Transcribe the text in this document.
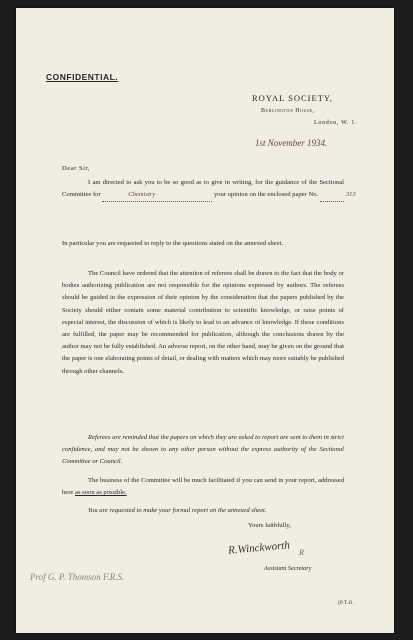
CONFIDENTIAL.
ROYAL SOCIETY,
Burlington House,
London, W. 1.
1st November 1934.
Dear Sir,
I am directed to ask you to be so good as to give in writing, for the guidance of the Sectional Committee for	Chemistry	your opinion on the enclosed paper No.	313
In particular you are requested to reply to the questions stated on the annexed sheet.
The Council have ordered that the attention of referees shall be drawn to the fact that the body or bodies authorizing publication are not responsible for the opinions expressed by authors. The referees should be guided in the expression of their opinion by the consideration that the papers published by the Society should either contain some material contribution to scientific knowledge, or raise points of especial interest, the discussion of which is likely to lead to an advance of knowledge. If these conditions are fulfilled, the paper may be recommended for publication, although the conclusions drawn by the author may not be fully established. An adverse report, on the other hand, may be given on the ground that the paper is one elaborating points of detail, or dealing with matters which may more suitably be published through other channels.
Referees are reminded that the papers on which they are asked to report are sent to them in strict confidence, and may not be shown to any other person without the express authority of the Sectional Committee or Council.
The business of the Committee will be much facilitated if you can send in your report, addressed here as soon as possible.
You are requested to make your formal report on the annexed sheet.
Yours faithfully,
R.Winckworth R
Assistant Secretary
Prof G. P. Thomson F.R.S.
[P.T.O.
